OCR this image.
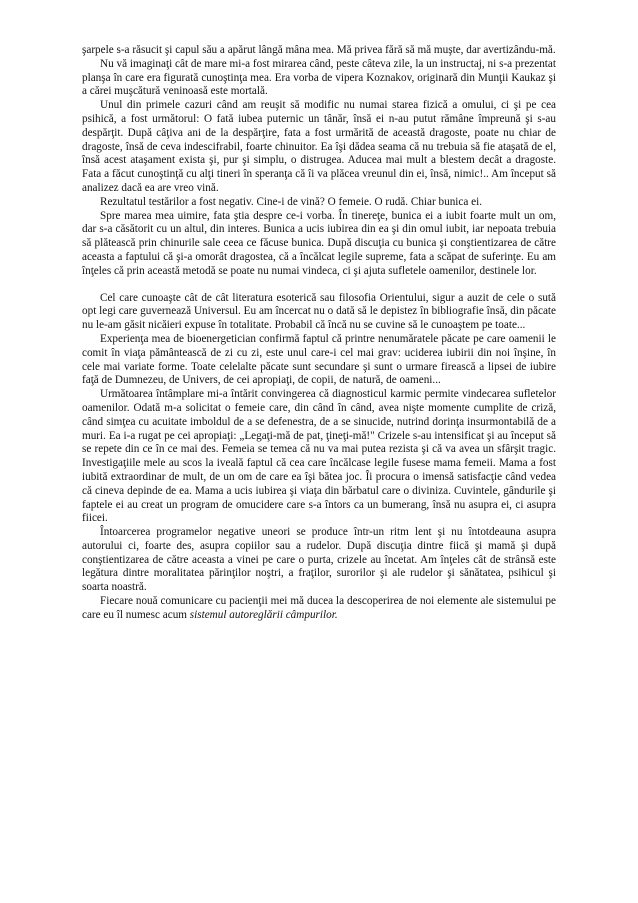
şarpele s-a răsucit şi capul său a apărut lângă mâna mea. Mă privea fără să mă muşte, dar avertizându-mă.

Nu vă imaginaţi cât de mare mi-a fost mirarea când, peste câteva zile, la un instructaj, ni s-a prezentat planşa în care era figurată cunoştinţa mea. Era vorba de vipera Koznakov, originară din Munţii Kaukaz şi a cărei muşcătură veninoasă este mortală.

Unul din primele cazuri când am reuşit să modific nu numai starea fizică a omului, ci şi pe cea psihică, a fost următorul: O fată iubea puternic un tânăr, însă ei n-au putut rămâne împreună şi s-au despărţit. După câţiva ani de la despărţire, fata a fost urmărită de această dragoste, poate nu chiar de dragoste, însă de ceva indescifrabil, foarte chinuitor. Ea îşi dădea seama că nu trebuia să fie ataşată de el, însă acest ataşament exista şi, pur şi simplu, o distrugea. Aducea mai mult a blestem decât a dragoste. Fata a făcut cunoştinţă cu alţi tineri în speranţa că îi va plăcea vreunul din ei, însă, nimic!.. Am început să analizez dacă ea are vreo vină.

Rezultatul testărilor a fost negativ. Cine-i de vină? O femeie. O rudă. Chiar bunica ei.

Spre marea mea uimire, fata ştia despre ce-i vorba. În tinereţe, bunica ei a iubit foarte mult un om, dar s-a căsătorit cu un altul, din interes. Bunica a ucis iubirea din ea şi din omul iubit, iar nepoata trebuia să plătească prin chinurile sale ceea ce făcuse bunica. După discuţia cu bunica şi conştientizarea de către aceasta a faptului că şi-a omorât dragostea, că a încălcat legile supreme, fata a scăpat de suferinţe. Eu am înţeles că prin această metodă se poate nu numai vindeca, ci şi ajuta sufletele oamenilor, destinele lor.

Cel care cunoaşte cât de cât literatura esoterică sau filosofia Orientului, sigur a auzit de cele o sută opt legi care guvernează Universul. Eu am încercat nu o dată să le depistez în bibliografie însă, din păcate nu le-am găsit nicăieri expuse în totalitate. Probabil că încă nu se cuvine să le cunoaştem pe toate...

Experienţa mea de bioenergetician confirmă faptul că printre nenumăratele păcate pe care oamenii le comit în viaţa pământească de zi cu zi, este unul care-i cel mai grav: uciderea iubirii din noi înşine, în cele mai variate forme. Toate celelalte păcate sunt secundare şi sunt o urmare firească a lipsei de iubire faţă de Dumnezeu, de Univers, de cei apropiaţi, de copii, de natură, de oameni...

Următoarea întâmplare mi-a întărit convingerea că diagnosticul karmic permite vindecarea sufletelor oamenilor. Odată m-a solicitat o femeie care, din când în când, avea nişte momente cumplite de criză, când simţea cu acuitate imboldul de a se defenestra, de a se sinucide, nutrind dorinţa insurmontabilă de a muri. Ea i-a rugat pe cei apropiaţi: „Legaţi-mă de pat, ţineţi-mă!" Crizele s-au intensificat şi au început să se repete din ce în ce mai des. Femeia se temea că nu va mai putea rezista şi că va avea un sfârşit tragic. Investigaţiile mele au scos la iveală faptul că cea care încălcase legile fusese mama femeii. Mama a fost iubită extraordinar de mult, de un om de care ea îşi bătea joc. Îi procura o imensă satisfacţie când vedea că cineva depinde de ea. Mama a ucis iubirea şi viaţa din bărbatul care o diviniza. Cuvintele, gândurile şi faptele ei au creat un program de omucidere care s-a întors ca un bumerang, însă nu asupra ei, ci asupra fiicei.

Întoarcerea programelor negative uneori se produce într-un ritm lent şi nu întotdeauna asupra autorului ci, foarte des, asupra copiilor sau a rudelor. După discuţia dintre fiică şi mamă şi după conştientizarea de către aceasta a vinei pe care o purta, crizele au încetat. Am înţeles cât de strânsă este legătura dintre moralitatea părinţilor noştri, a fraţilor, surorilor şi ale rudelor şi sănătatea, psihicul şi soarta noastră.

Fiecare nouă comunicare cu pacienţii mei mă ducea la descoperirea de noi elemente ale sistemului pe care eu îl numesc acum sistemul autoreglării câmpurilor.
